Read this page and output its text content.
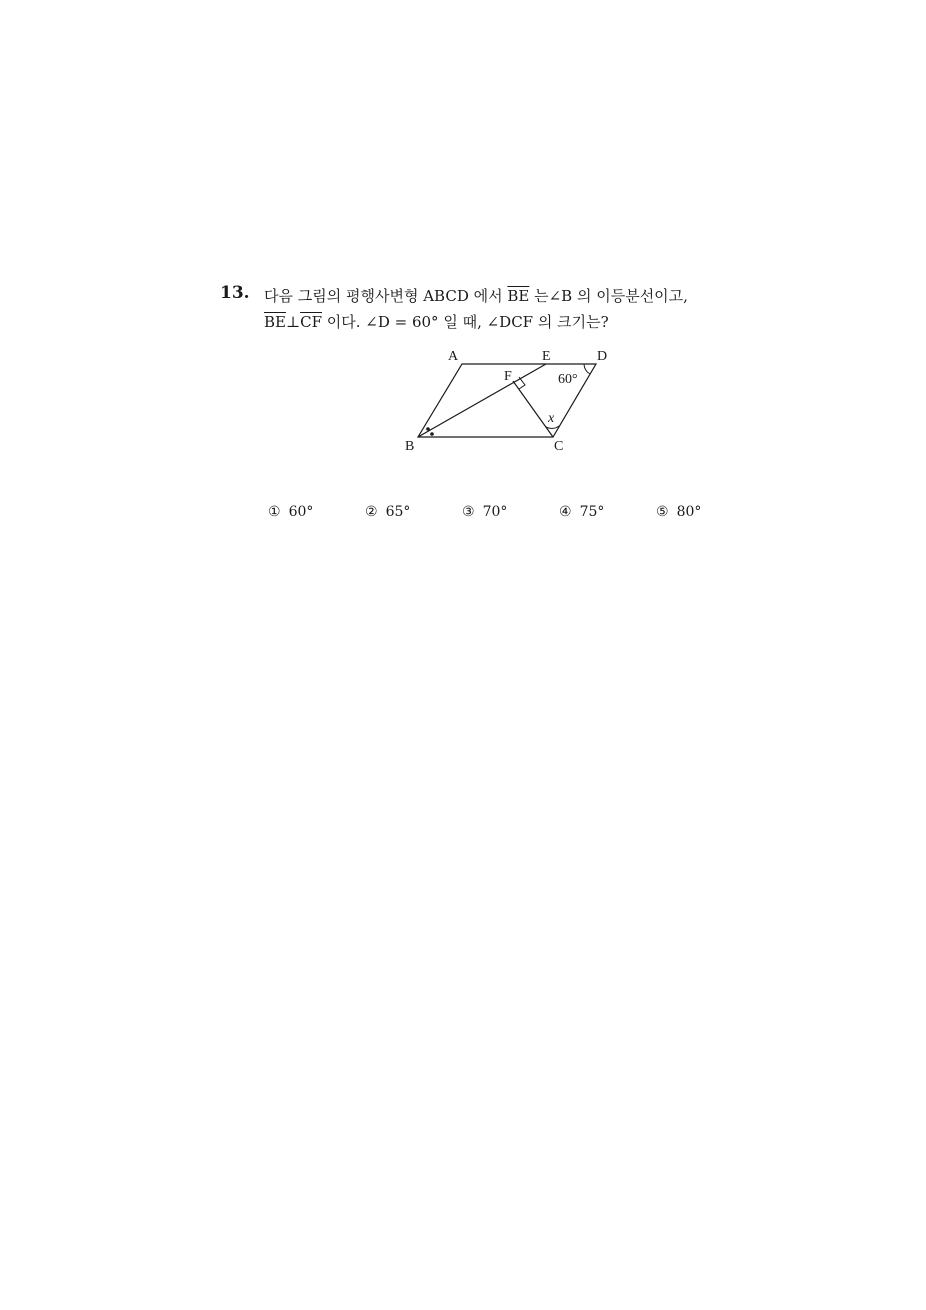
13. 다음 그림의 평행사변형 ABCD 에서 $\overline{BE}$ 는∠B 의 이등분선이고,
$\overline{BE}\perp\overline{CF}$ 이다. ∠D = 60° 일 때, ∠DCF 의 크기는?
A	E	D
F	60°
x
B	C
① 60°	② 65°	③ 70°	④ 75°	⑤ 80°
